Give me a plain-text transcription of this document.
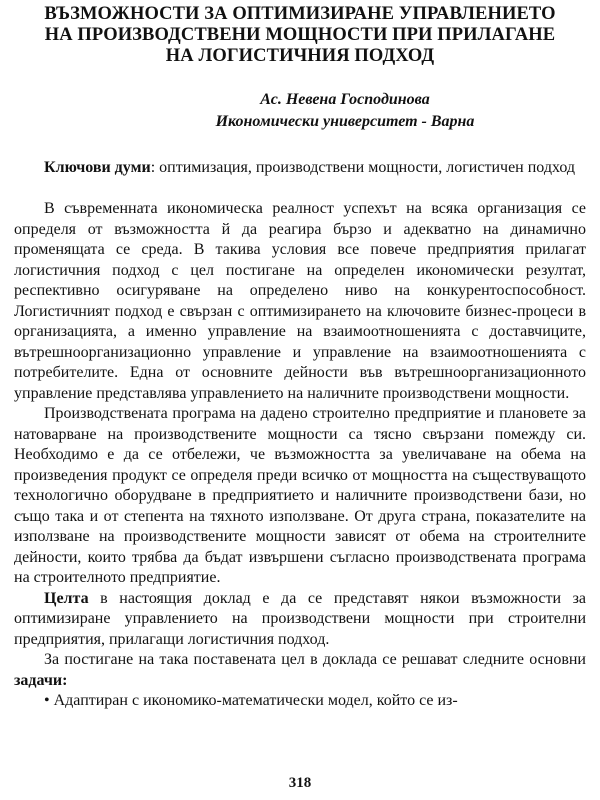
ВЪЗМОЖНОСТИ ЗА ОПТИМИЗИРАНЕ УПРАВЛЕНИЕТО
НА ПРОИЗВОДСТВЕНИ МОЩНОСТИ ПРИ ПРИЛАГАНЕ
НА ЛОГИСТИЧНИЯ ПОДХОД
Ас. Невена Господинова
Икономически университет - Варна

Ключови думи: оптимизация, производствени мощности, логистичен подход

В съвременната икономическа реалност успехът на всяка организация се определя от възможността й да реагира бързо и адекватно на динамично променящата се среда. В такива условия все повече предприятия прилагат логистичния подход с цел постигане на определен икономически резултат, респективно осигуряване на определено ниво на конкурентоспособност. Логистичният подход е свързан с оптимизирането на ключовите бизнес-процеси в организацията, а именно управление на взаимоотношенията с доставчиците, вътрешноорганизационно управление и управление на взаимоотношенията с потребителите. Една от основните дейности във вътрешноорганизационното управление представлява управлението на наличните производствени мощности.

Производствената програма на дадено строително предприятие и плановете за натоварване на производствените мощности са тясно свързани помежду си. Необходимо е да се отбележи, че възможността за увеличаване на обема на произведения продукт се определя преди всичко от мощността на съществуващото технологично оборудване в предприятието и наличните производствени бази, но също така и от степента на тяхното използване. От друга страна, показателите на използване на производствените мощности зависят от обема на строителните дейности, които трябва да бъдат извършени съгласно производствената програма на строителното предприятие.

Целта в настоящия доклад е да се представят някои възможности за оптимизиране управлението на производствени мощности при строителни предприятия, прилагащи логистичния подход.

За постигане на така поставената цел в доклада се решават следните основни задачи:

• Адаптиран с икономико-математически модел, който се из-

318
